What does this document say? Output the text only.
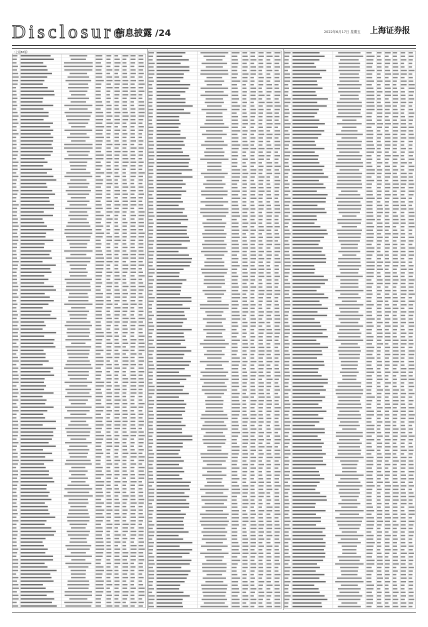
Disclosure
信息披露 /24	2022年6月17日 星期五 上海证券报
（上接B3版）
